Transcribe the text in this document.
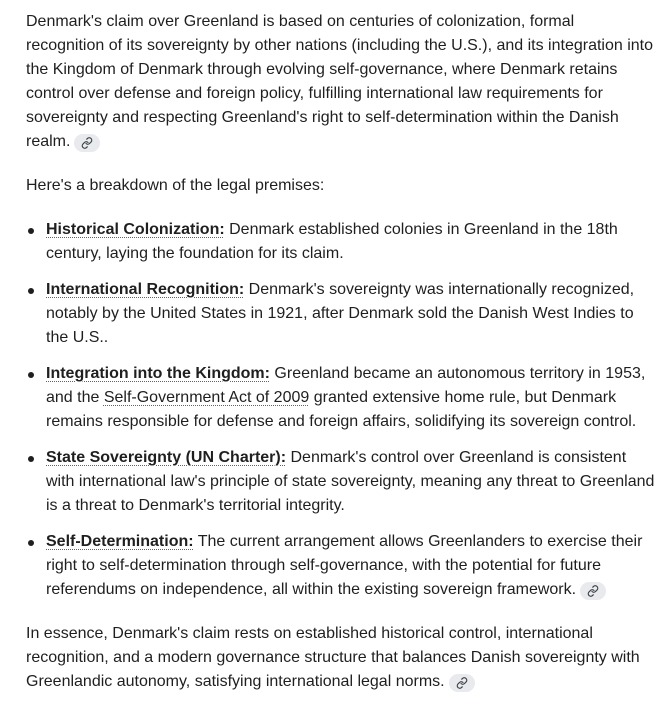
Denmark's claim over Greenland is based on centuries of colonization, formal recognition of its sovereignty by other nations (including the U.S.), and its integration into the Kingdom of Denmark through evolving self-governance, where Denmark retains control over defense and foreign policy, fulfilling international law requirements for sovereignty and respecting Greenland's right to self-determination within the Danish realm.

Here's a breakdown of the legal premises:

Historical Colonization: Denmark established colonies in Greenland in the 18th century, laying the foundation for its claim.
International Recognition: Denmark's sovereignty was internationally recognized, notably by the United States in 1921, after Denmark sold the Danish West Indies to the U.S..
Integration into the Kingdom: Greenland became an autonomous territory in 1953, and the Self-Government Act of 2009 granted extensive home rule, but Denmark remains responsible for defense and foreign affairs, solidifying its sovereign control.
State Sovereignty (UN Charter): Denmark's control over Greenland is consistent with international law's principle of state sovereignty, meaning any threat to Greenland is a threat to Denmark's territorial integrity.
Self-Determination: The current arrangement allows Greenlanders to exercise their right to self-determination through self-governance, with the potential for future referendums on independence, all within the existing sovereign framework.

In essence, Denmark's claim rests on established historical control, international recognition, and a modern governance structure that balances Danish sovereignty with Greenlandic autonomy, satisfying international legal norms.
